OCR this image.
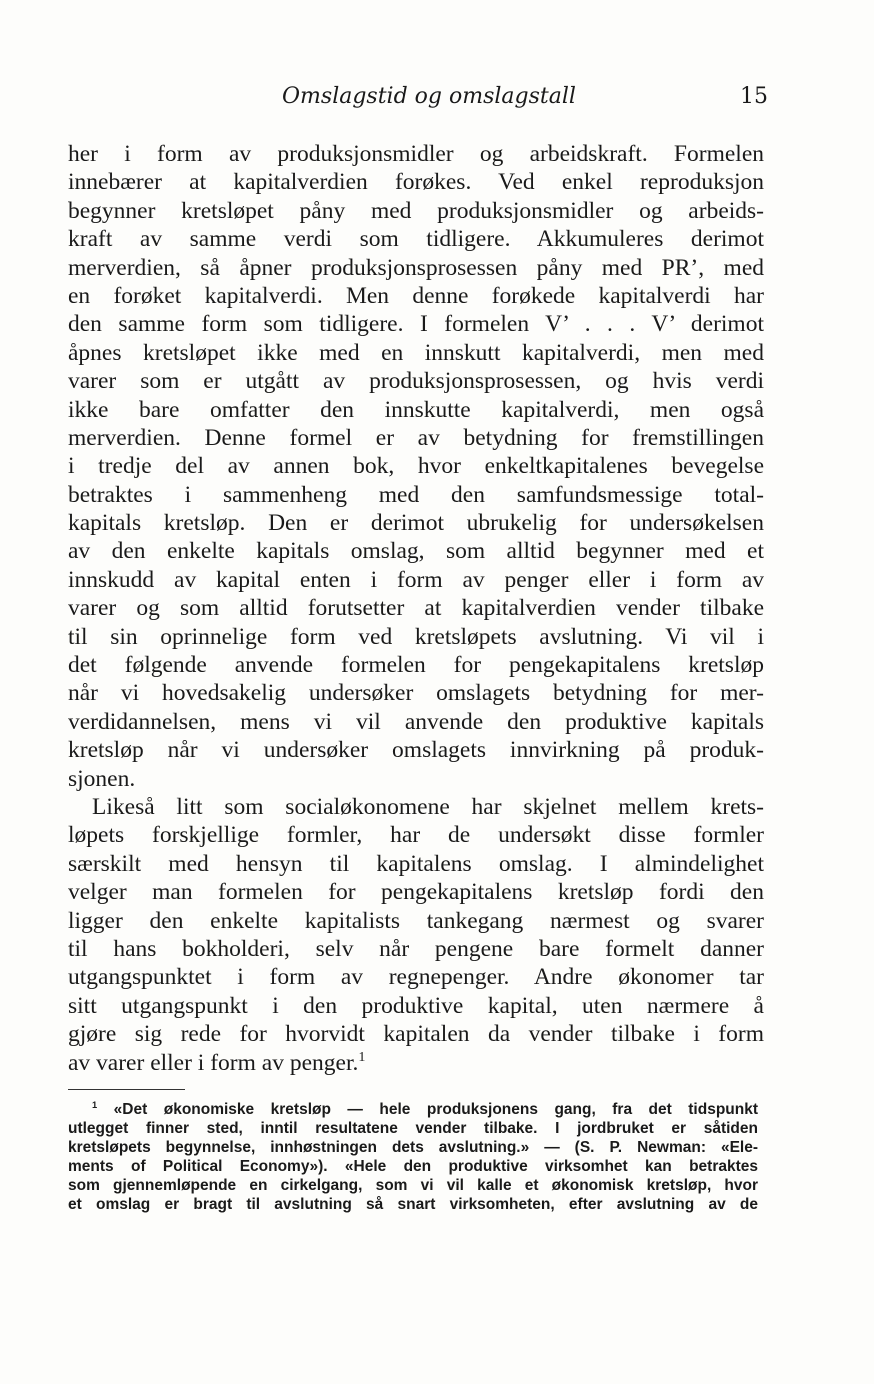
Omslagstid og omslagstall	15
her i form av produksjonsmidler og arbeidskraft. Formelen
innebærer at kapitalverdien forøkes. Ved enkel reproduksjon
begynner kretsløpet påny med produksjonsmidler og arbeids-
kraft av samme verdi som tidligere. Akkumuleres derimot
merverdien, så åpner produksjonsprosessen påny med PR’, med
en forøket kapitalverdi. Men denne forøkede kapitalverdi har
den samme form som tidligere. I formelen V’ . . . V’ derimot
åpnes kretsløpet ikke med en innskutt kapitalverdi, men med
varer som er utgått av produksjonsprosessen, og hvis verdi
ikke bare omfatter den innskutte kapitalverdi, men også
merverdien. Denne formel er av betydning for fremstillingen
i tredje del av annen bok, hvor enkeltkapitalenes bevegelse
betraktes i sammenheng med den samfundsmessige total-
kapitals kretsløp. Den er derimot ubrukelig for undersøkelsen
av den enkelte kapitals omslag, som alltid begynner med et
innskudd av kapital enten i form av penger eller i form av
varer og som alltid forutsetter at kapitalverdien vender tilbake
til sin oprinnelige form ved kretsløpets avslutning. Vi vil i
det følgende anvende formelen for pengekapitalens kretsløp
når vi hovedsakelig undersøker omslagets betydning for mer-
verdidannelsen, mens vi vil anvende den produktive kapitals
kretsløp når vi undersøker omslagets innvirkning på produk-
sjonen.
Likeså litt som socialøkonomene har skjelnet mellem krets-
løpets forskjellige formler, har de undersøkt disse formler
særskilt med hensyn til kapitalens omslag. I almindelighet
velger man formelen for pengekapitalens kretsløp fordi den
ligger den enkelte kapitalists tankegang nærmest og svarer
til hans bokholderi, selv når pengene bare formelt danner
utgangspunktet i form av regnepenger. Andre økonomer tar
sitt utgangspunkt i den produktive kapital, uten nærmere å
gjøre sig rede for hvorvidt kapitalen da vender tilbake i form
av varer eller i form av penger.$^1$
$^1$ «Det økonomiske kretsløp — hele produksjonens gang, fra det tidspunkt
utlegget finner sted, inntil resultatene vender tilbake. I jordbruket er såtiden
kretsløpets begynnelse, innhøstningen dets avslutning.» — (S. P. Newman: «Ele-
ments of Political Economy»). «Hele den produktive virksomhet kan betraktes
som gjennemløpende en cirkelgang, som vi vil kalle et økonomisk kretsløp, hvor
et omslag er bragt til avslutning så snart virksomheten, efter avslutning av de
